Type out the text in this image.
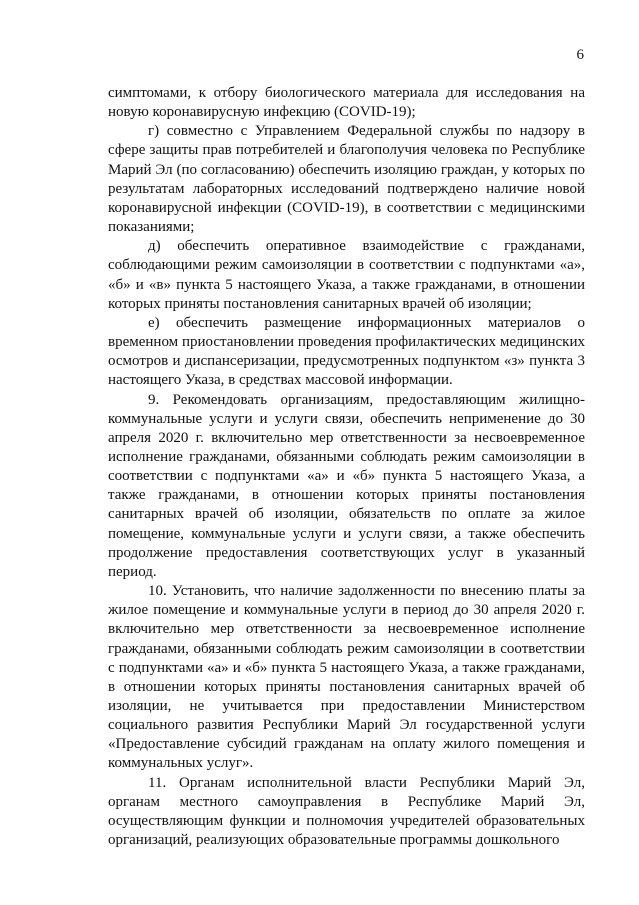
6

симптомами, к отбору биологического материала для исследования на новую коронавирусную инфекцию (COVID-19);

г) совместно с Управлением Федеральной службы по надзору в сфере защиты прав потребителей и благополучия человека по Республике Марий Эл (по согласованию) обеспечить изоляцию граждан, у которых по результатам лабораторных исследований подтверждено наличие новой коронавирусной инфекции (COVID-19), в соответствии с медицинскими показаниями;

д) обеспечить оперативное взаимодействие с гражданами, соблюдающими режим самоизоляции в соответствии с подпунктами «а», «б» и «в» пункта 5 настоящего Указа, а также гражданами, в отношении которых приняты постановления санитарных врачей об изоляции;

е) обеспечить размещение информационных материалов о временном приостановлении проведения профилактических медицинских осмотров и диспансеризации, предусмотренных подпунктом «з» пункта 3 настоящего Указа, в средствах массовой информации.

9. Рекомендовать организациям, предоставляющим жилищно-коммунальные услуги и услуги связи, обеспечить неприменение до 30 апреля 2020 г. включительно мер ответственности за несвоевременное исполнение гражданами, обязанными соблюдать режим самоизоляции в соответствии с подпунктами «а» и «б» пункта 5 настоящего Указа, а также гражданами, в отношении которых приняты постановления санитарных врачей об изоляции, обязательств по оплате за жилое помещение, коммунальные услуги и услуги связи, а также обеспечить продолжение предоставления соответствующих услуг в указанный период.

10. Установить, что наличие задолженности по внесению платы за жилое помещение и коммунальные услуги в период до 30 апреля 2020 г. включительно мер ответственности за несвоевременное исполнение гражданами, обязанными соблюдать режим самоизоляции в соответствии с подпунктами «а» и «б» пункта 5 настоящего Указа, а также гражданами, в отношении которых приняты постановления санитарных врачей об изоляции, не учитывается при предоставлении Министерством социального развития Республики Марий Эл государственной услуги «Предоставление субсидий гражданам на оплату жилого помещения и коммунальных услуг».

11. Органам исполнительной власти Республики Марий Эл, органам местного самоуправления в Республике Марий Эл, осуществляющим функции и полномочия учредителей образовательных организаций, реализующих образовательные программы дошкольного
